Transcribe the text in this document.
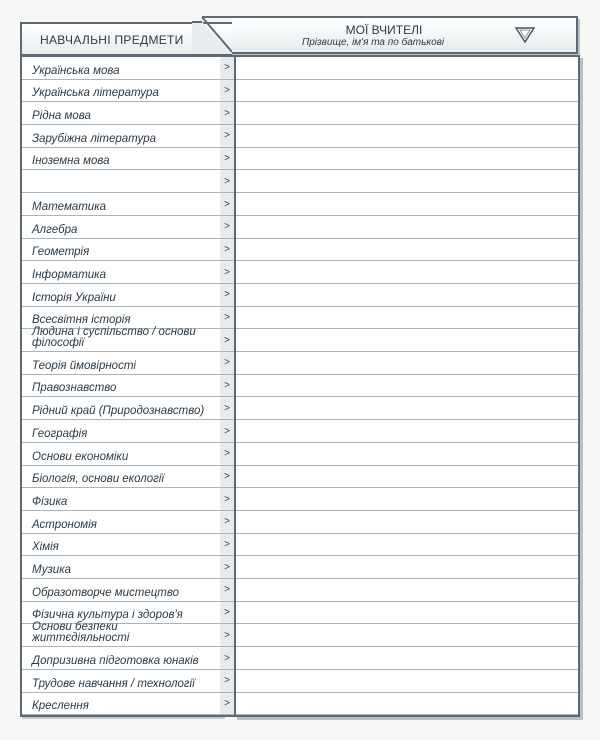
НАВЧАЛЬНІ ПРЕДМЕТИ
МОЇ ВЧИТЕЛІ
Прізвище, ім'я та по батькові
Українська мова
Українська література
Рідна мова
Зарубіжна література
Іноземна мова
Математика
Алгебра
Геометрія
Інформатика
Історія України
Всесвітня історія
Людина і суспільство / основи філософії
Теорія ймовірності
Правознавство
Рідний край (Природознавство)
Географія
Основи економіки
Біологія, основи екології
Фізика
Астрономія
Хімія
Музика
Образотворче мистецтво
Фізична культура і здоров'я
Основи безпеки життєдіяльності
Допризивна підготовка юнаків
Трудове навчання / технології
Креслення
>
>
>
>
>
>
>
>
>
>
>
>
>
>
>
>
>
>
>
>
>
>
>
>
>
>
>
>
>
